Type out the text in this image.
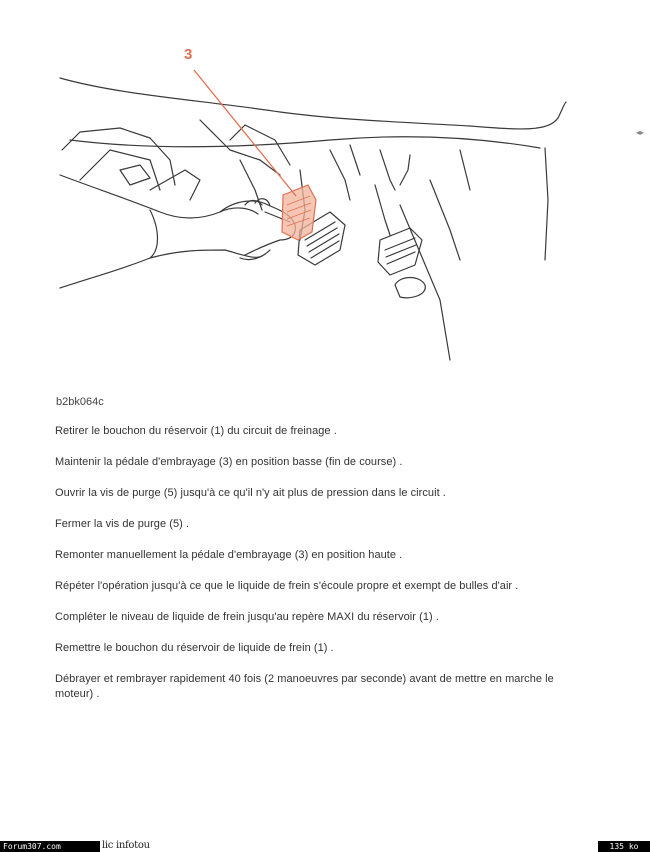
3
◂▸
b2bk064c
Retirer le bouchon du réservoir (1) du circuit de freinage .
Maintenir la pédale d'embrayage (3) en position basse (fin de course) .
Ouvrir la vis de purge (5) jusqu'à ce qu'il n'y ait plus de pression dans le circuit .
Fermer la vis de purge (5) .
Remonter manuellement la pédale d'embrayage (3) en position haute .
Répéter l'opération jusqu'à ce que le liquide de frein s'écoule propre et exempt de bulles d'air .
Compléter le niveau de liquide de frein jusqu'au repère MAXI du réservoir (1) .
Remettre le bouchon du réservoir de liquide de frein (1) .
Débrayer et rembrayer rapidement 40 fois (2 manoeuvres par seconde) avant de mettre en marche le moteur) .
Forum307.com	lic infotou	135 ko
